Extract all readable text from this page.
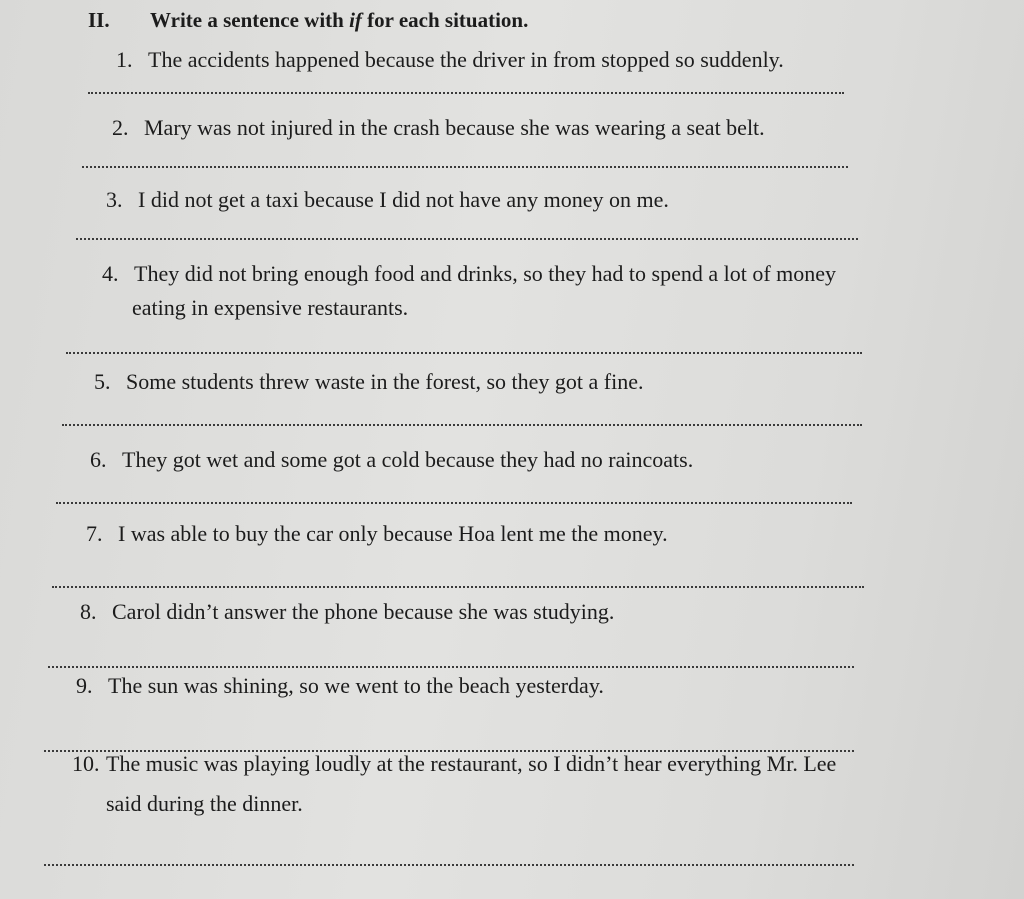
II. Write a sentence with if for each situation.
1. The accidents happened because the driver in from stopped so suddenly.
2. Mary was not injured in the crash because she was wearing a seat belt.
3. I did not get a taxi because I did not have any money on me.
4. They did not bring enough food and drinks, so they had to spend a lot of money
eating in expensive restaurants.
5. Some students threw waste in the forest, so they got a fine.
6. They got wet and some got a cold because they had no raincoats.
7. I was able to buy the car only because Hoa lent me the money.
8. Carol didn’t answer the phone because she was studying.
9. The sun was shining, so we went to the beach yesterday.
10. The music was playing loudly at the restaurant, so I didn’t hear everything Mr. Lee
said during the dinner.
